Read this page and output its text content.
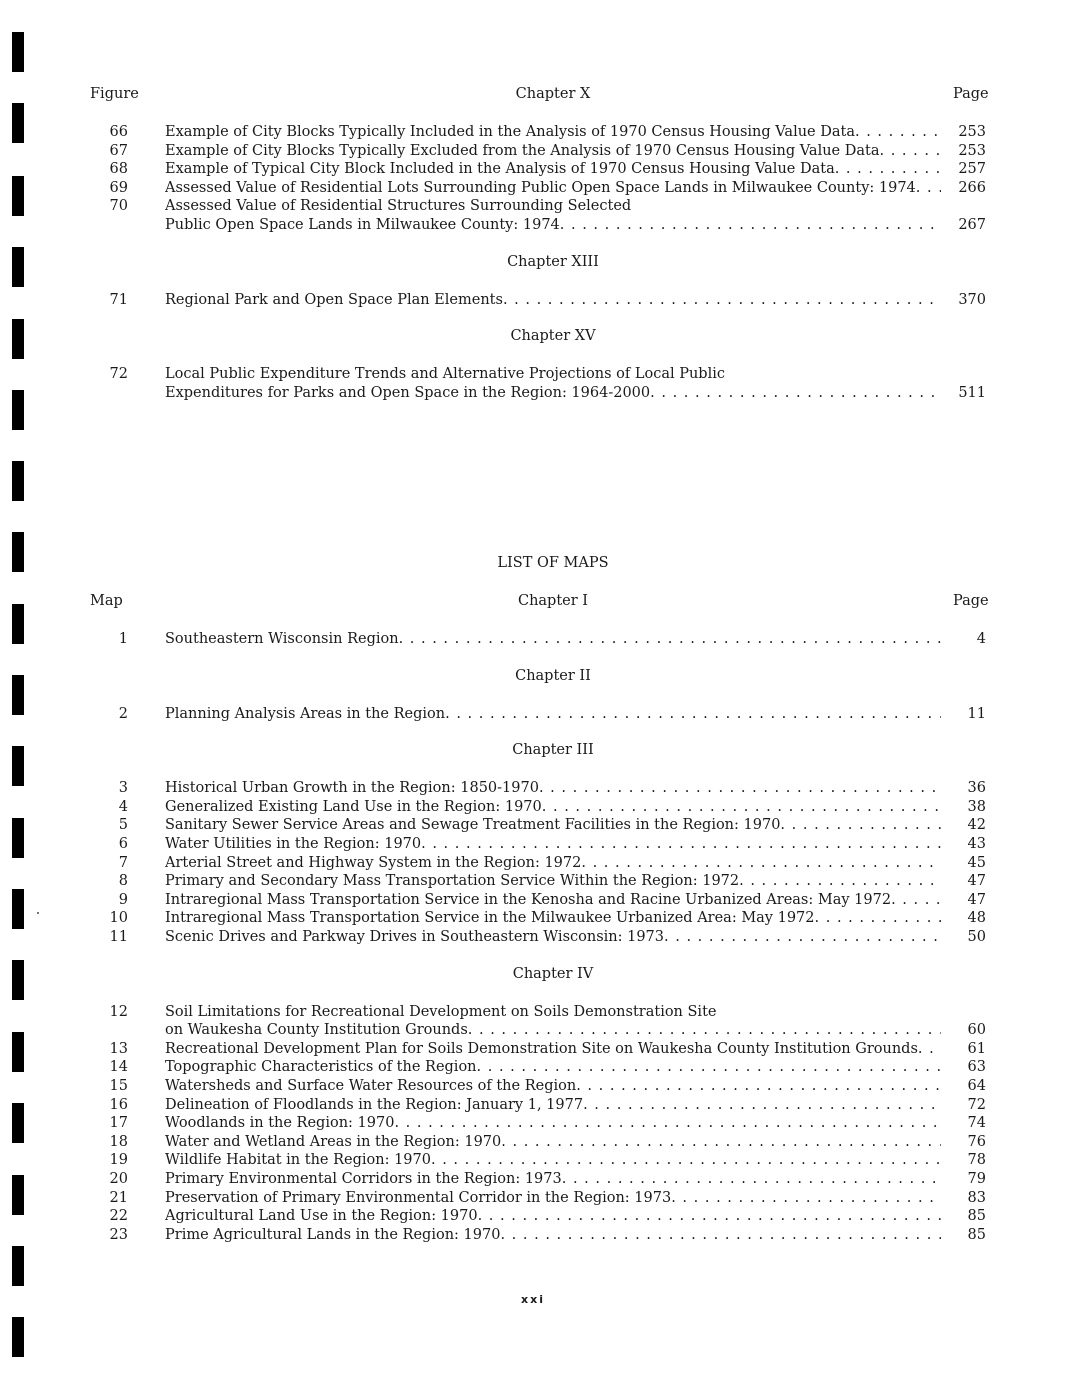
Figure	Page
Chapter X
66	Example of City Blocks Typically Included in the Analysis of 1970 Census Housing Value Data . . .	253
67	Example of City Blocks Typically Excluded from the Analysis of 1970 Census Housing Value Data . . .	253
68	Example of Typical City Block Included in the Analysis of 1970 Census Housing Value Data . . .	257
69	Assessed Value of Residential Lots Surrounding Public Open Space Lands in Milwaukee County: 1974 . . .	266
70	Assessed Value of Residential Structures Surrounding Selected
Public Open Space Lands in Milwaukee County: 1974 . . .	267
Chapter XIII
71	Regional Park and Open Space Plan Elements . . .	370
Chapter XV
72	Local Public Expenditure Trends and Alternative Projections of Local Public
Expenditures for Parks and Open Space in the Region: 1964-2000 . . .	511
LIST OF MAPS
Map	Page
Chapter I
1	Southeastern Wisconsin Region . . .	4
Chapter II
2	Planning Analysis Areas in the Region . . .	11
Chapter III
3	Historical Urban Growth in the Region: 1850-1970 . . .	36
4	Generalized Existing Land Use in the Region: 1970 . . .	38
5	Sanitary Sewer Service Areas and Sewage Treatment Facilities in the Region: 1970 . . .	42
6	Water Utilities in the Region: 1970 . . .	43
7	Arterial Street and Highway System in the Region: 1972 . . .	45
8	Primary and Secondary Mass Transportation Service Within the Region: 1972 . . .	47
9	Intraregional Mass Transportation Service in the Kenosha and Racine Urbanized Areas: May 1972 . . .	47
10	Intraregional Mass Transportation Service in the Milwaukee Urbanized Area: May 1972 . . .	48
11	Scenic Drives and Parkway Drives in Southeastern Wisconsin: 1973 . . .	50
Chapter IV
12	Soil Limitations for Recreational Development on Soils Demonstration Site
on Waukesha County Institution Grounds . . .	60
13	Recreational Development Plan for Soils Demonstration Site on Waukesha County Institution Grounds . . .	61
14	Topographic Characteristics of the Region . . .	63
15	Watersheds and Surface Water Resources of the Region . . .	64
16	Delineation of Floodlands in the Region: January 1, 1977 . . .	72
17	Woodlands in the Region: 1970 . . .	74
18	Water and Wetland Areas in the Region: 1970 . . .	76
19	Wildlife Habitat in the Region: 1970 . . .	78
20	Primary Environmental Corridors in the Region: 1973 . . .	79
21	Preservation of Primary Environmental Corridor in the Region: 1973 . . .	83
22	Agricultural Land Use in the Region: 1970 . . .	85
23	Prime Agricultural Lands in the Region: 1970 . . .	85
xxi
